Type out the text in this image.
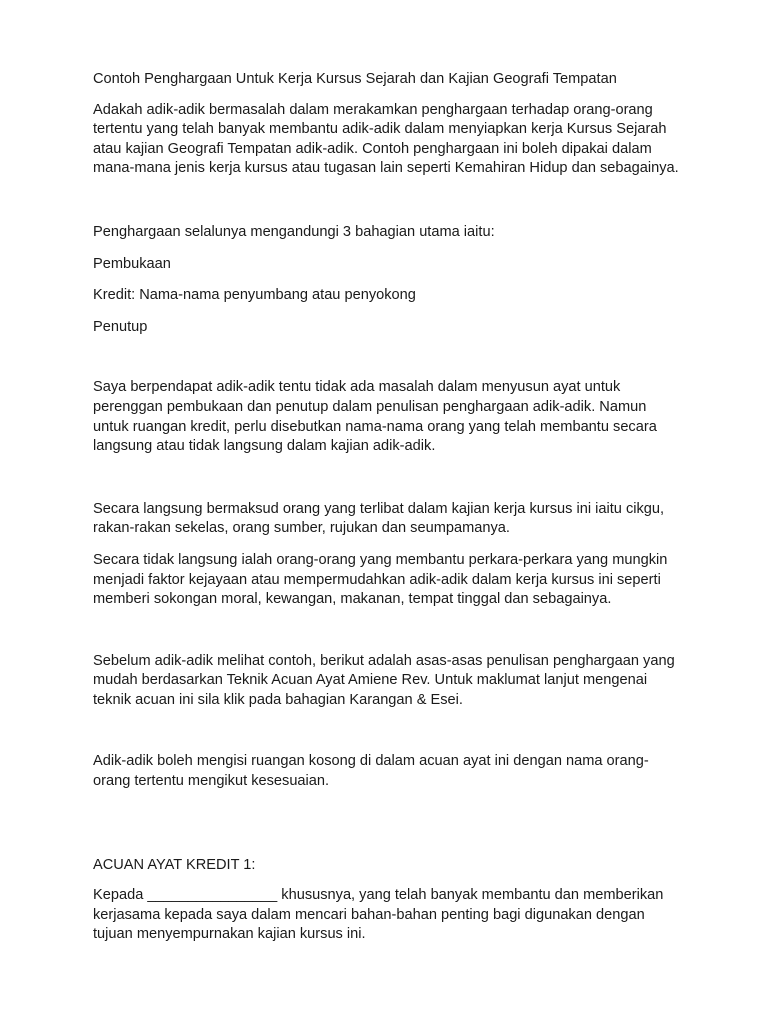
Contoh Penghargaan Untuk Kerja Kursus Sejarah dan Kajian Geografi Tempatan

Adakah adik-adik bermasalah dalam merakamkan penghargaan terhadap orang-orang tertentu yang telah banyak membantu adik-adik dalam menyiapkan kerja Kursus Sejarah atau kajian Geografi Tempatan adik-adik. Contoh penghargaan ini boleh dipakai dalam mana-mana jenis kerja kursus atau tugasan lain seperti Kemahiran Hidup dan sebagainya.

Penghargaan selalunya mengandungi 3 bahagian utama iaitu:

Pembukaan

Kredit: Nama-nama penyumbang atau penyokong

Penutup

Saya berpendapat adik-adik tentu tidak ada masalah dalam menyusun ayat untuk perenggan pembukaan dan penutup dalam penulisan penghargaan adik-adik. Namun untuk ruangan kredit, perlu disebutkan nama-nama orang yang telah membantu secara langsung atau tidak langsung dalam kajian adik-adik.

Secara langsung bermaksud orang yang terlibat dalam kajian kerja kursus ini iaitu cikgu, rakan-rakan sekelas, orang sumber, rujukan dan seumpamanya.

Secara tidak langsung ialah orang-orang yang membantu perkara-perkara yang mungkin menjadi faktor kejayaan atau mempermudahkan adik-adik dalam kerja kursus ini seperti memberi sokongan moral, kewangan, makanan, tempat tinggal dan sebagainya.

Sebelum adik-adik melihat contoh, berikut adalah asas-asas penulisan penghargaan yang mudah berdasarkan Teknik Acuan Ayat Amiene Rev. Untuk maklumat lanjut mengenai teknik acuan ini sila klik pada bahagian Karangan & Esei.

Adik-adik boleh mengisi ruangan kosong di dalam acuan ayat ini dengan nama orang-orang tertentu mengikut kesesuaian.

ACUAN AYAT KREDIT 1:

Kepada ________________ khususnya, yang telah banyak membantu dan memberikan kerjasama kepada saya dalam mencari bahan-bahan penting bagi digunakan dengan tujuan menyempurnakan kajian kursus ini.
